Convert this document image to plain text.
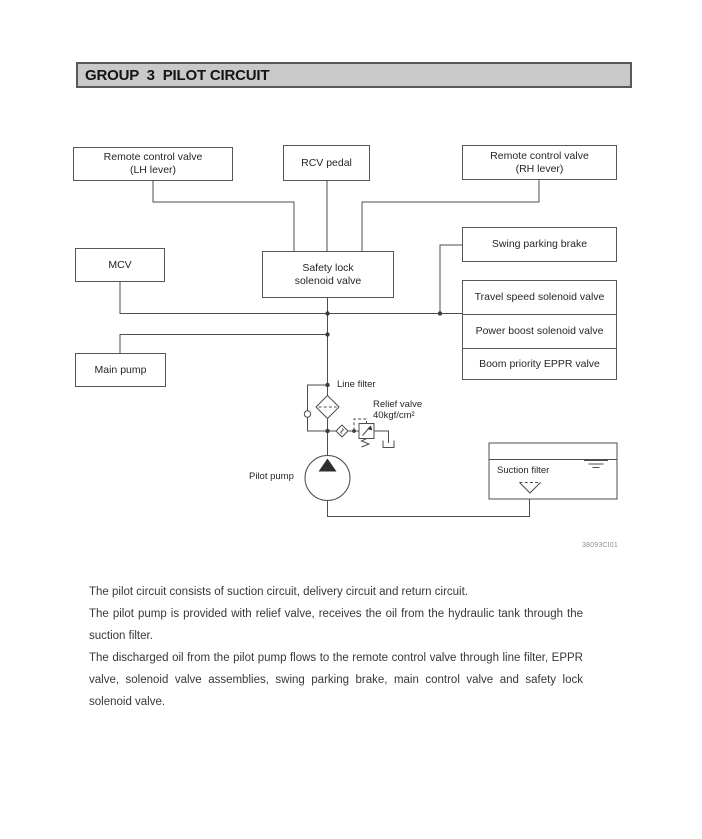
GROUP  3  PILOT CIRCUIT
Remote control valve
(LH lever)
RCV pedal
Remote control valve
(RH lever)
Swing parking brake
MCV	Safety lock
solenoid valve
Travel speed solenoid valve
Power boost solenoid valve
Boom priority EPPR valve
Main pump
Line filter
Relief valve
40kgf/cm²
Pilot pump
Suction filter
38093CI01

The pilot circuit consists of suction circuit, delivery circuit and return circuit.

The pilot pump is provided with relief valve, receives the oil from the hydraulic tank through the suction filter.

The discharged oil from the pilot pump flows to the remote control valve through line filter, EPPR valve, solenoid valve assemblies, swing parking brake, main control valve and safety lock solenoid valve.
